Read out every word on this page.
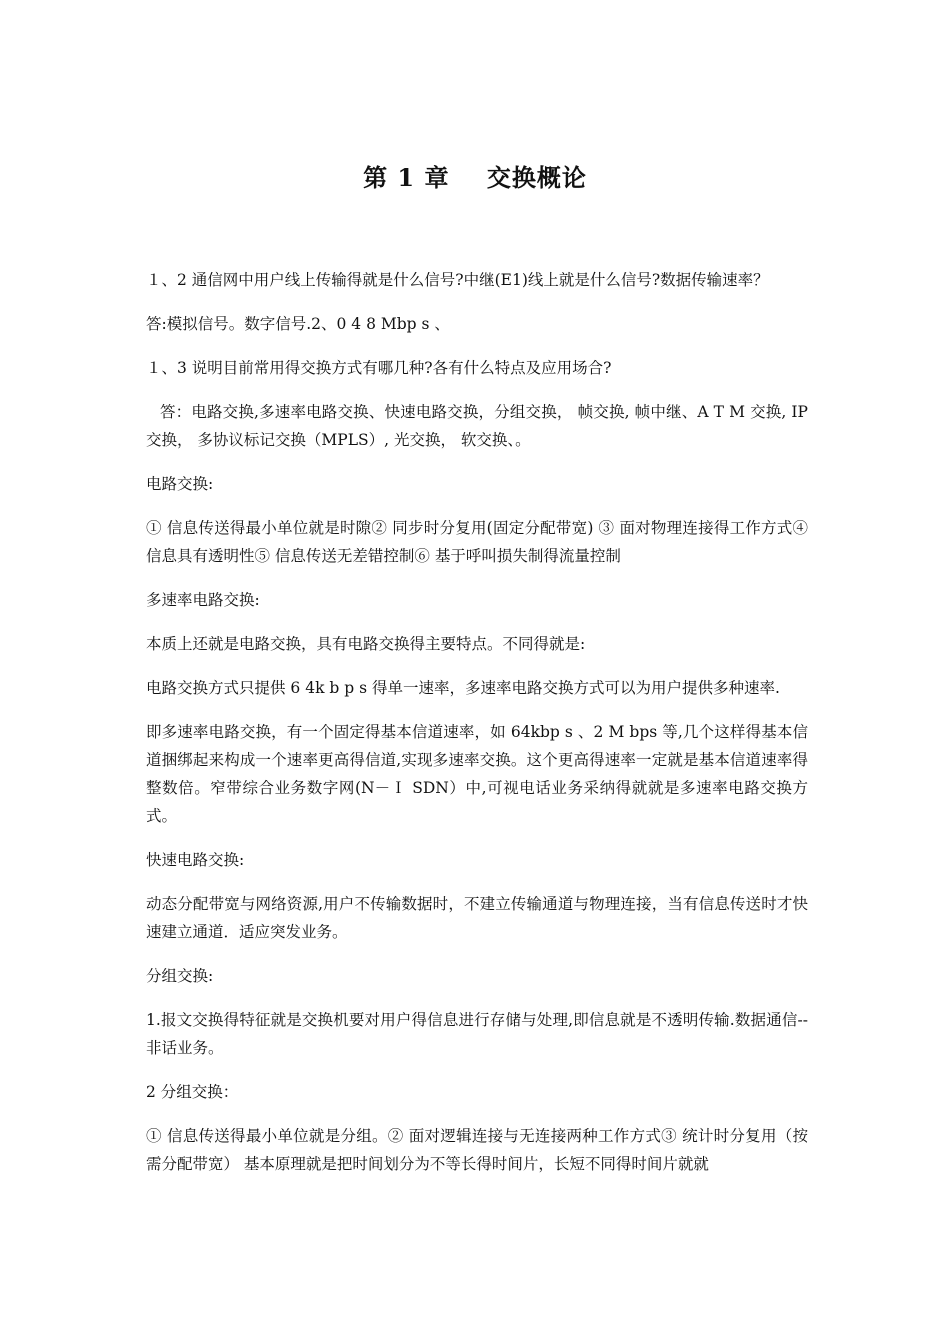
第 1 章    交换概论

１、2 通信网中用户线上传输得就是什么信号?中继(E1)线上就是什么信号?数据传输速率？

答:模拟信号。数字信号.2、0 4 8 Mbp s 、

１、3 说明目前常用得交换方式有哪几种?各有什么特点及应用场合?

答：电路交换,多速率电路交换、快速电路交换，分组交换， 帧交换, 帧中继、A T M 交换, IP 交换， 多协议标记交换（MPLS）, 光交换， 软交换、。

电路交换:

① 信息传送得最小单位就是时隙② 同步时分复用(固定分配带宽) ③ 面对物理连接得工作方式④ 信息具有透明性⑤ 信息传送无差错控制⑥ 基于呼叫损失制得流量控制

多速率电路交换:

本质上还就是电路交换，具有电路交换得主要特点。不同得就是:

电路交换方式只提供 6 4k b p s 得单一速率，多速率电路交换方式可以为用户提供多种速率.

即多速率电路交换，有一个固定得基本信道速率，如 64kbp s 、2 M bps 等,几个这样得基本信道捆绑起来构成一个速率更高得信道,实现多速率交换。这个更高得速率一定就是基本信道速率得整数倍。窄带综合业务数字网(N－Ｉ SDN）中,可视电话业务采纳得就就是多速率电路交换方式。

快速电路交换:

动态分配带宽与网络资源,用户不传输数据时，不建立传输通道与物理连接，当有信息传送时才快速建立通道．适应突发业务。

分组交换:

1.报文交换得特征就是交换机要对用户得信息进行存储与处理,即信息就是不透明传输.数据通信--非话业务。

2 分组交换：

① 信息传送得最小单位就是分组。② 面对逻辑连接与无连接两种工作方式③ 统计时分复用（按需分配带宽） 基本原理就是把时间划分为不等长得时间片，长短不同得时间片就就
